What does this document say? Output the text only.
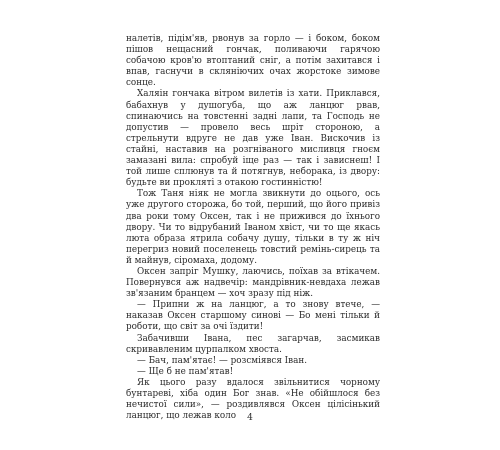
налетів, підім'яв, рвонув за горло — і боком, боком пішов нещасний гончак, поливаючи гарячою собачою кров'ю втоптаний сніг, а потім захитався і впав, гаснучи в скляніючих очах жорстоке зимове сонце.

Халяін гончака вітром вилетів із хати. Приклався, бабахнув у душогуба, що аж ланцюг рвав, спинаючись на товстенні задні лапи, та Господь не допустив — провело весь шріт стороною, а стрельнути вдруге не дав уже Іван. Вискочив із стайні, наставив на розгніваного мисливця гноєм замазані вила: спробуй іще раз — так і зависнеш! І той лише сплюнув та й потягнув, неборака, із двору: будьте ви прокляті з отакою гостинністю!

Тож Таня ніяк не могла звикнути до оцього, ось уже другого сторожа, бо той, перший, що його привіз два роки тому Оксен, так і не прижився до їхнього двору. Чи то відрубаний Іваном хвіст, чи то ще якась люта образа ятрила собачу душу, тільки в ту ж ніч перегриз новий поселенець товстий ремінь-сирець та й майнув, сіромаха, додому.

Оксен запріг Мушку, лаючись, поїхав за втікачем. Повернувся аж надвечір: мандрівник-невдаха лежав зв'язаним бранцем — хоч зразу під ніж.

— Припни ж на ланцюг, а то знову втече, — наказав Оксен старшому синові — Бо мені тільки й роботи, що світ за очі їздити!

Забачивши Івана, пес загарчав, засмикав скривавленим цурпалком хвоста.

— Бач, пам'ятає! — розсміявся Іван.

— Ще б не пам'ятав!

Як цього разу вдалося звільнитися чорному бунтареві, хіба один Бог знав. «Не обійшлося без нечистої сили», — роздивлявся Оксен цілісінький ланцюг, що лежав коло	4
